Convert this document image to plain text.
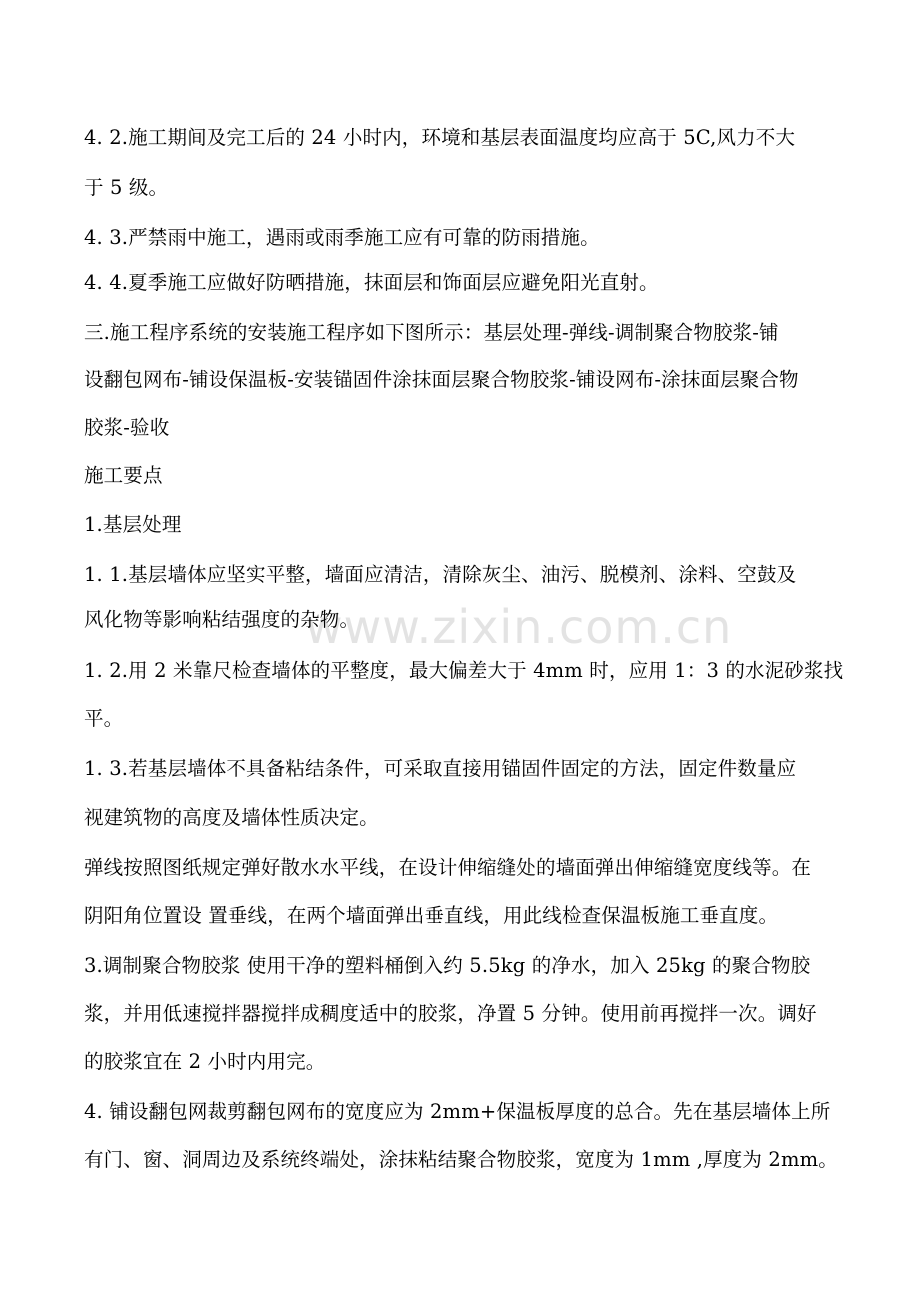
www.zixin.com.cn
4. 2.施工期间及完工后的 24 小时内，环境和基层表面温度均应高于 5C,风力不大
于 5 级。
4. 3.严禁雨中施工，遇雨或雨季施工应有可靠的防雨措施。
4. 4.夏季施工应做好防晒措施，抹面层和饰面层应避免阳光直射。
三.施工程序系统的安装施工程序如下图所示：基层处理-弹线-调制聚合物胶浆-铺
设翻包网布-铺设保温板-安装锚固件涂抹面层聚合物胶浆-铺设网布-涂抹面层聚合物
胶浆-验收
施工要点
1.基层处理
1. 1.基层墙体应坚实平整，墙面应清洁，清除灰尘、油污、脱模剂、涂料、空鼓及
风化物等影响粘结强度的杂物。
1. 2.用 2 米靠尺检查墙体的平整度，最大偏差大于 4mm 时，应用 1：3 的水泥砂浆找
平。
1. 3.若基层墙体不具备粘结条件，可采取直接用锚固件固定的方法，固定件数量应
视建筑物的高度及墙体性质决定。
弹线按照图纸规定弹好散水水平线，在设计伸缩缝处的墙面弹出伸缩缝宽度线等。在
阴阳角位置设 置垂线，在两个墙面弹出垂直线，用此线检查保温板施工垂直度。
3.调制聚合物胶浆 使用干净的塑料桶倒入约 5.5kg 的净水，加入 25kg 的聚合物胶
浆，并用低速搅拌器搅拌成稠度适中的胶浆，净置 5 分钟。使用前再搅拌一次。调好
的胶浆宜在 2 小时内用完。
4. 铺设翻包网裁剪翻包网布的宽度应为 2mm+保温板厚度的总合。先在基层墙体上所
有门、窗、洞周边及系统终端处，涂抹粘结聚合物胶浆，宽度为 1mm ,厚度为 2mm。
